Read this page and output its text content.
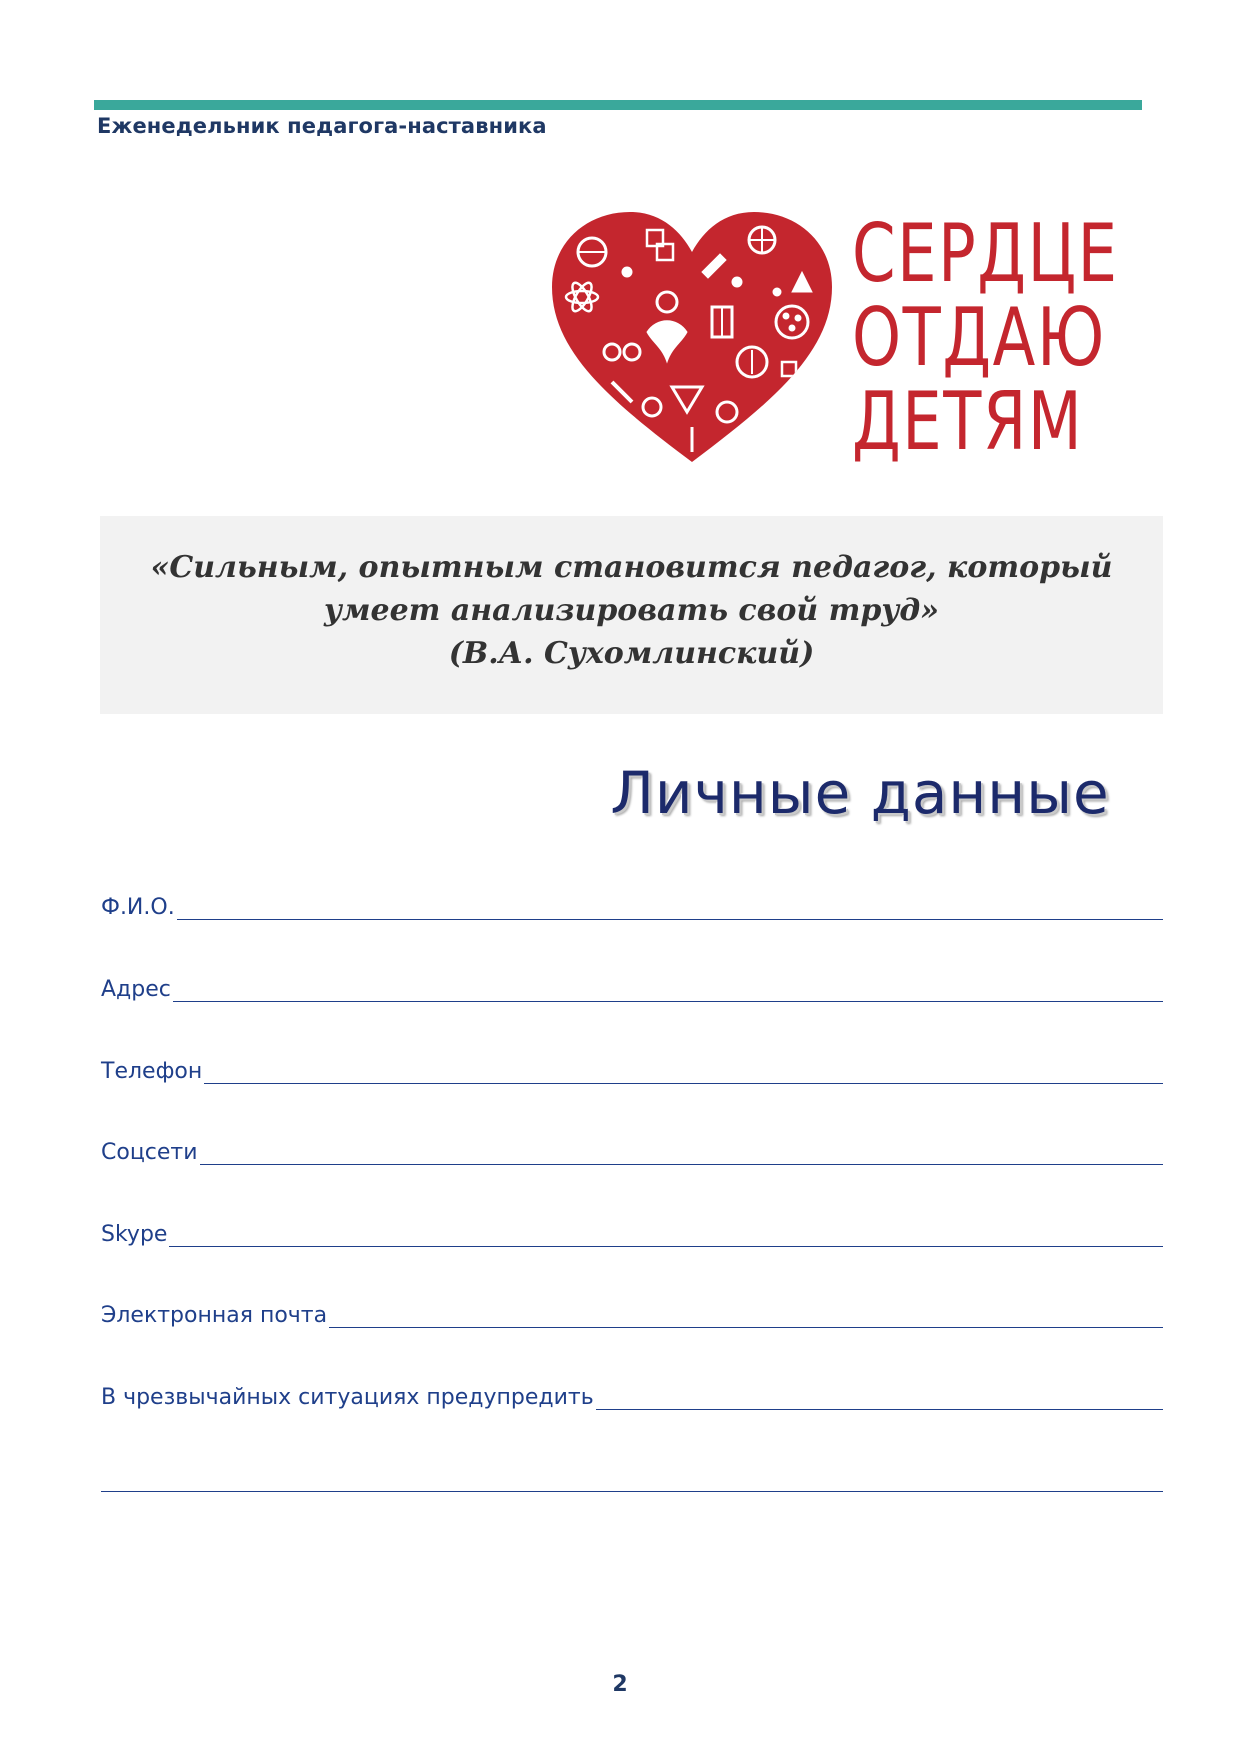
Еженедельник педагога-наставника
СЕРДЦЕ
ОТДАЮ
ДЕТЯМ
«Сильным, опытным становится педагог, который
умеет анализировать свой труд»
(В.А. Сухомлинский)
Личные данные
Ф.И.О.
Адрес
Телефон
Соцсети
Skype
Электронная почта
В чрезвычайных ситуациях предупредить
2
